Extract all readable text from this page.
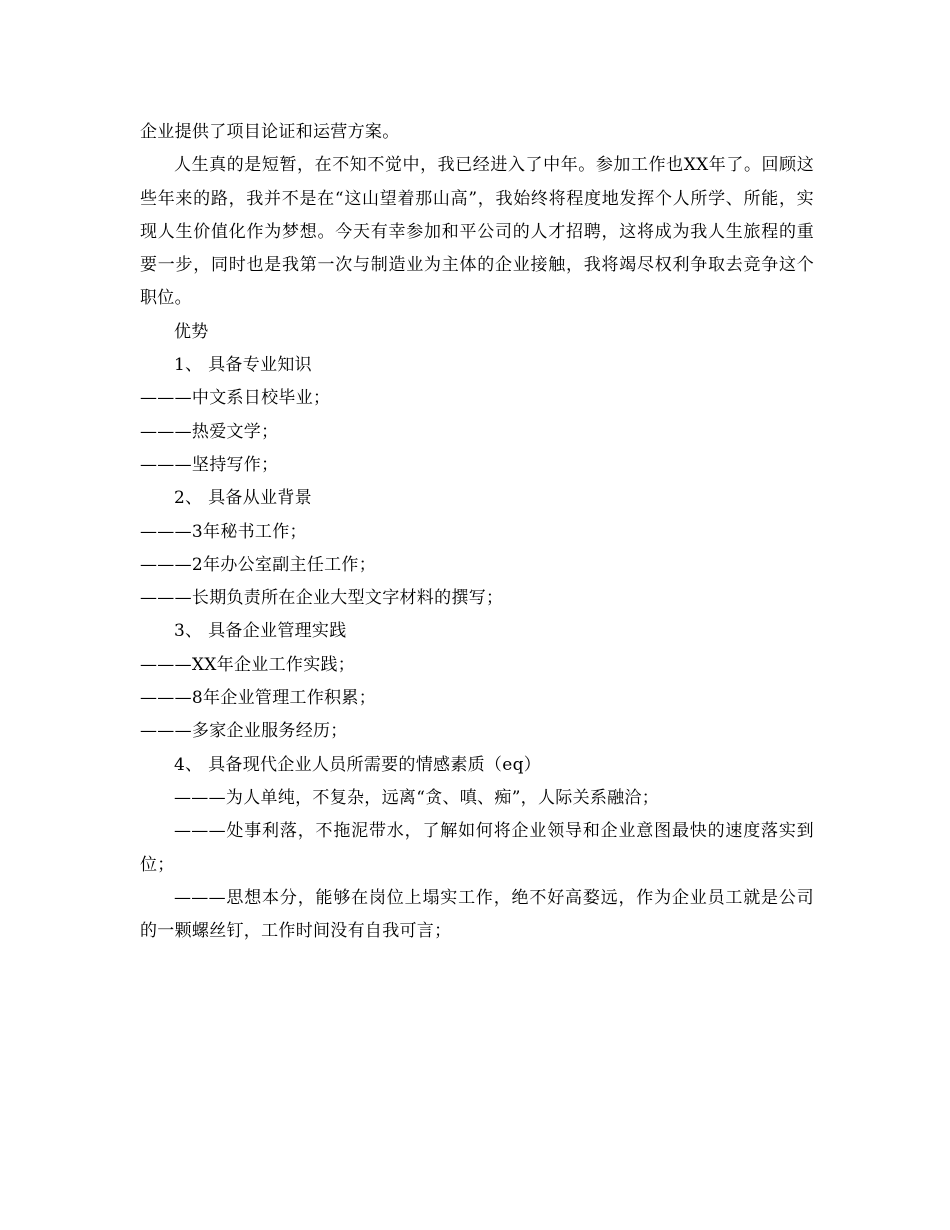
企业提供了项目论证和运营方案。

人生真的是短暂，在不知不觉中，我已经进入了中年。参加工作也XX年了。回顾这些年来的路，我并不是在“这山望着那山高”，我始终将程度地发挥个人所学、所能，实现人生价值化作为梦想。今天有幸参加和平公司的人才招聘，这将成为我人生旅程的重要一步，同时也是我第一次与制造业为主体的企业接触，我将竭尽权利争取去竞争这个职位。

优势

1、 具备专业知识

———中文系日校毕业；

———热爱文学；

———坚持写作；

2、 具备从业背景

———3年秘书工作；

———2年办公室副主任工作；

———长期负责所在企业大型文字材料的撰写；

3、 具备企业管理实践

———XX年企业工作实践；

———8年企业管理工作积累；

———多家企业服务经历；

4、 具备现代企业人员所需要的情感素质（eq）

———为人单纯，不复杂，远离“贪、嗔、痴”，人际关系融洽；

———处事利落，不拖泥带水，了解如何将企业领导和企业意图最快的速度落实到位；

———思想本分，能够在岗位上塌实工作，绝不好高婺远，作为企业员工就是公司的一颗螺丝钉，工作时间没有自我可言；
